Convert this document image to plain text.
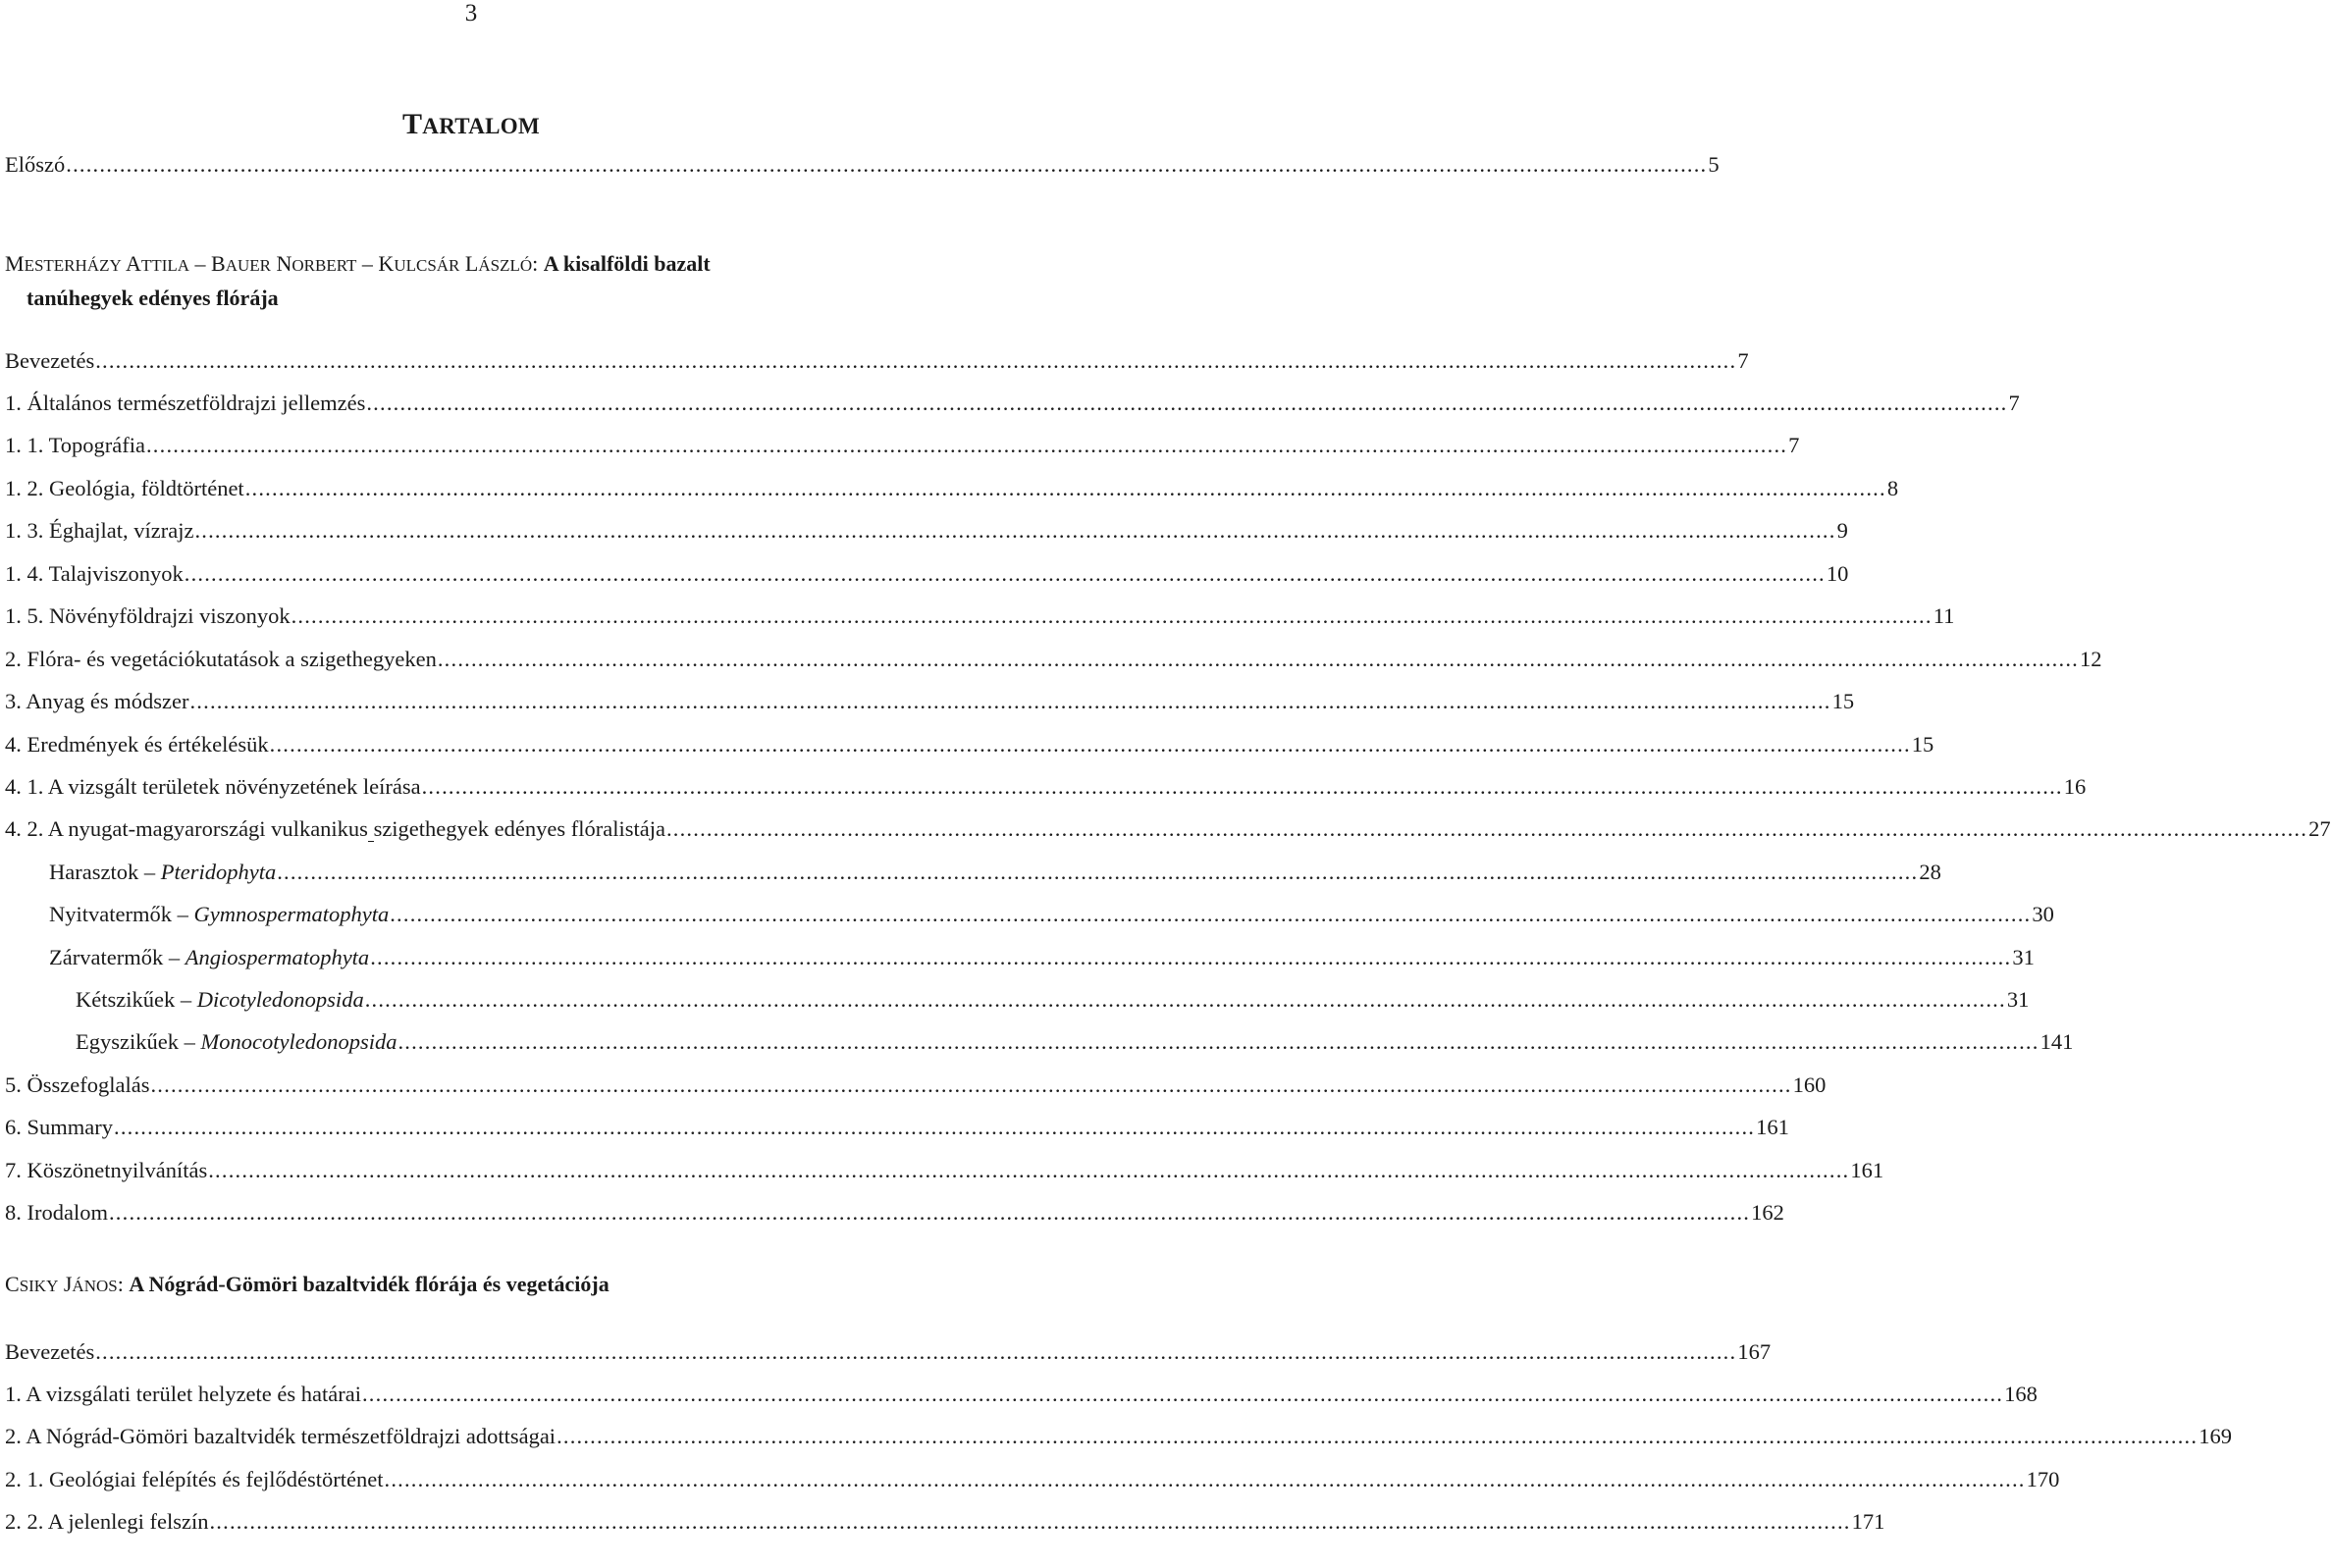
3
TARTALOM
Előszó ..................................................................................................................................................................................................................................................... 5
MESTERHÁZY ATTILA – BAUER NORBERT – KULCSÁR LÁSZLÓ: A kisalföldi bazalt
tanúhegyek edényes flórája
Bevezetés ..................................................................................................................................................................................................................................................... 7
1. Általános természetföldrajzi jellemzés ..................................................................................................................................................................................................................................................... 7
1. 1. Topográfia ..................................................................................................................................................................................................................................................... 7
1. 2. Geológia, földtörténet ..................................................................................................................................................................................................................................................... 8
1. 3. Éghajlat, vízrajz ..................................................................................................................................................................................................................................................... 9
1. 4. Talajviszonyok ..................................................................................................................................................................................................................................................... 10
1. 5. Növényföldrajzi viszonyok ..................................................................................................................................................................................................................................................... 11
2. Flóra- és vegetációkutatások a szigethegyeken ..................................................................................................................................................................................................................................................... 12
3. Anyag és módszer ..................................................................................................................................................................................................................................................... 15
4. Eredmények és értékelésük ..................................................................................................................................................................................................................................................... 15
4. 1. A vizsgált területek növényzetének leírása ..................................................................................................................................................................................................................................................... 16
4. 2. A nyugat-magyarországi vulkanikus szigethegyek edényes flóralistája ..................................................................................................................................................................................................................................................... 27
Harasztok – Pteridophyta ..................................................................................................................................................................................................................................................... 28
Nyitvatermők – Gymnospermatophyta ..................................................................................................................................................................................................................................................... 30
Zárvatermők – Angiospermatophyta ..................................................................................................................................................................................................................................................... 31
Kétszikűek – Dicotyledonopsida ..................................................................................................................................................................................................................................................... 31
Egyszikűek – Monocotyledonopsida ..................................................................................................................................................................................................................................................... 141
5. Összefoglalás ..................................................................................................................................................................................................................................................... 160
6. Summary ..................................................................................................................................................................................................................................................... 161
7. Köszönetnyilvánítás ..................................................................................................................................................................................................................................................... 161
8. Irodalom ..................................................................................................................................................................................................................................................... 162
CSIKY JÁNOS: A Nógrád-Gömöri bazaltvidék flórája és vegetációja
Bevezetés ..................................................................................................................................................................................................................................................... 167
1. A vizsgálati terület helyzete és határai ..................................................................................................................................................................................................................................................... 168
2. A Nógrád-Gömöri bazaltvidék természetföldrajzi adottságai ..................................................................................................................................................................................................................................................... 169
2. 1. Geológiai felépítés és fejlődéstörténet ..................................................................................................................................................................................................................................................... 170
2. 2. A jelenlegi felszín ..................................................................................................................................................................................................................................................... 171
